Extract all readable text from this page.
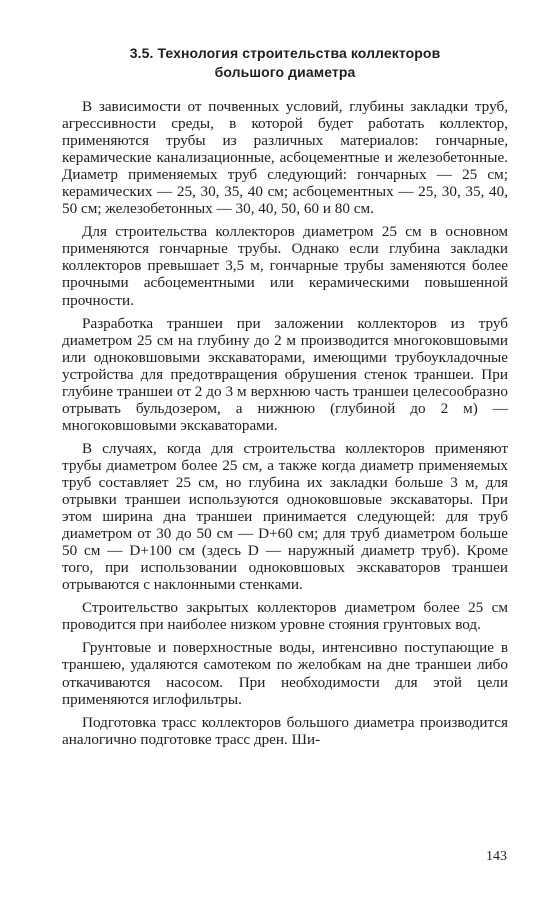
3.5. Технология строительства коллекторов
большого диаметра

В зависимости от почвенных условий, глубины закладки труб, агрессивности среды, в которой будет работать коллектор, применяются трубы из различных материалов: гончарные, керамические канализационные, асбоцементные и железобетонные. Диаметр применяемых труб следующий: гончарных — 25 см; керамических — 25, 30, 35, 40 см; асбоцементных — 25, 30, 35, 40, 50 см; железобетонных — 30, 40, 50, 60 и 80 см.

Для строительства коллекторов диаметром 25 см в основном применяются гончарные трубы. Однако если глубина закладки коллекторов превышает 3,5 м, гончарные трубы заменяются более прочными асбоцементными или керамическими повышенной прочности.

Разработка траншеи при заложении коллекторов из труб диаметром 25 см на глубину до 2 м производится многоковшовыми или одноковшовыми экскаваторами, имеющими трубоукладочные устройства для предотвращения обрушения стенок траншеи. При глубине траншеи от 2 до 3 м верхнюю часть траншеи целесообразно отрывать бульдозером, а нижнюю (глубиной до 2 м) — многоковшовыми экскаваторами.

В случаях, когда для строительства коллекторов применяют трубы диаметром более 25 см, а также когда диаметр применяемых труб составляет 25 см, но глубина их закладки больше 3 м, для отрывки траншеи используются одноковшовые экскаваторы. При этом ширина дна траншеи принимается следующей: для труб диаметром от 30 до 50 см — D+60 см; для труб диаметром больше 50 см — D+100 см (здесь D — наружный диаметр труб). Кроме того, при использовании одноковшовых экскаваторов траншеи отрываются с наклонными стенками.

Строительство закрытых коллекторов диаметром более 25 см проводится при наиболее низком уровне стояния грунтовых вод.

Грунтовые и поверхностные воды, интенсивно поступающие в траншею, удаляются самотеком по желобкам на дне траншеи либо откачиваются насосом. При необходимости для этой цели применяются иглофильтры.

Подготовка трасс коллекторов большого диаметра производится аналогично подготовке трасс дрен. Ши-

143
